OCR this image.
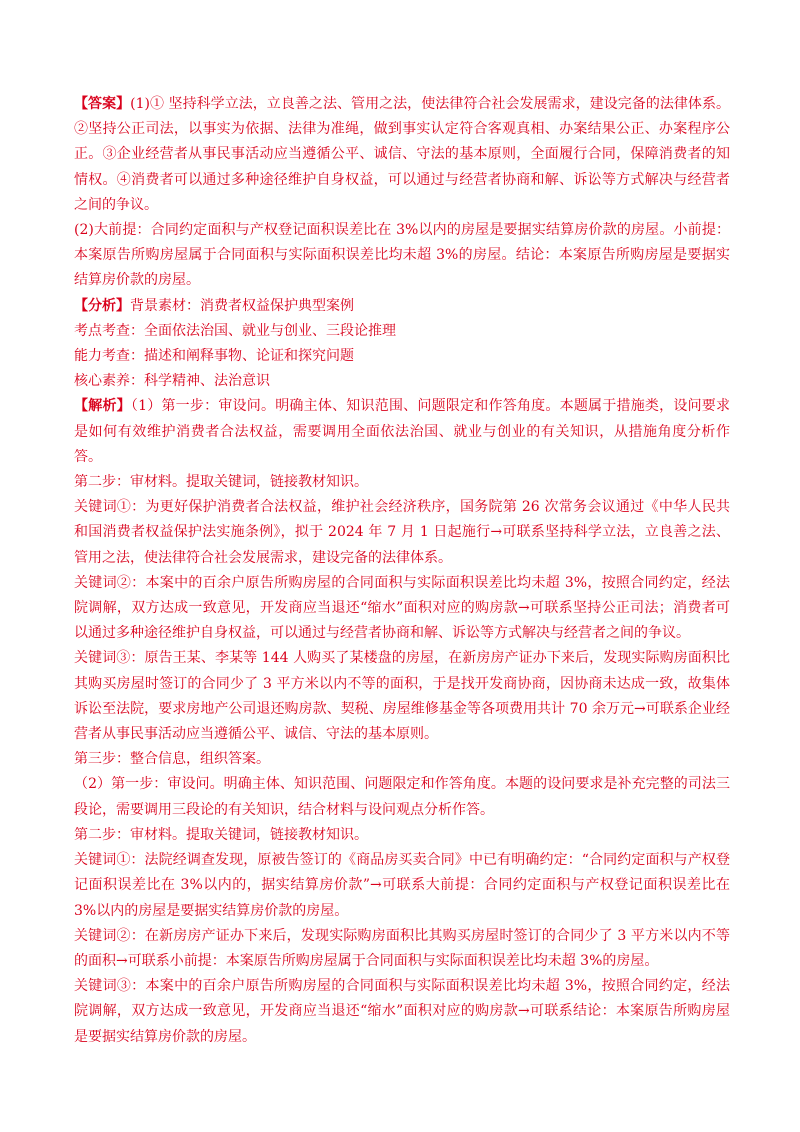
【答案】(1)① 坚持科学立法，立良善之法、管用之法，使法律符合社会发展需求，建设完备的法律体系。②坚持公正司法，以事实为依据、法律为准绳，做到事实认定符合客观真相、办案结果公正、办案程序公正。③企业经营者从事民事活动应当遵循公平、诚信、守法的基本原则，全面履行合同，保障消费者的知情权。④消费者可以通过多种途径维护自身权益，可以通过与经营者协商和解、诉讼等方式解决与经营者之间的争议。

(2)大前提：合同约定面积与产权登记面积误差比在 3%以内的房屋是要据实结算房价款的房屋。小前提：本案原告所购房屋属于合同面积与实际面积误差比均未超 3%的房屋。结论：本案原告所购房屋是要据实结算房价款的房屋。

【分析】背景素材：消费者权益保护典型案例

考点考查：全面依法治国、就业与创业、三段论推理

能力考查：描述和阐释事物、论证和探究问题

核心素养：科学精神、法治意识

【解析】（1）第一步：审设问。明确主体、知识范围、问题限定和作答角度。本题属于措施类，设问要求是如何有效维护消费者合法权益，需要调用全面依法治国、就业与创业的有关知识，从措施角度分析作答。

第二步：审材料。提取关键词，链接教材知识。

关键词①：为更好保护消费者合法权益，维护社会经济秩序，国务院第 26 次常务会议通过《中华人民共和国消费者权益保护法实施条例》，拟于 2024 年 7 月 1 日起施行→可联系坚持科学立法，立良善之法、管用之法，使法律符合社会发展需求，建设完备的法律体系。

关键词②：本案中的百余户原告所购房屋的合同面积与实际面积误差比均未超 3%，按照合同约定，经法院调解，双方达成一致意见，开发商应当退还“缩水”面积对应的购房款→可联系坚持公正司法；消费者可以通过多种途径维护自身权益，可以通过与经营者协商和解、诉讼等方式解决与经营者之间的争议。

关键词③：原告王某、李某等 144 人购买了某楼盘的房屋，在新房房产证办下来后，发现实际购房面积比其购买房屋时签订的合同少了 3 平方米以内不等的面积，于是找开发商协商，因协商未达成一致，故集体诉讼至法院，要求房地产公司退还购房款、契税、房屋维修基金等各项费用共计 70 余万元→可联系企业经营者从事民事活动应当遵循公平、诚信、守法的基本原则。

第三步：整合信息，组织答案。

（2）第一步：审设问。明确主体、知识范围、问题限定和作答角度。本题的设问要求是补充完整的司法三段论，需要调用三段论的有关知识，结合材料与设问观点分析作答。

第二步：审材料。提取关键词，链接教材知识。

关键词①：法院经调查发现，原被告签订的《商品房买卖合同》中已有明确约定：“合同约定面积与产权登记面积误差比在 3%以内的，据实结算房价款”→可联系大前提：合同约定面积与产权登记面积误差比在 3%以内的房屋是要据实结算房价款的房屋。

关键词②：在新房房产证办下来后，发现实际购房面积比其购买房屋时签订的合同少了 3 平方米以内不等的面积→可联系小前提：本案原告所购房屋属于合同面积与实际面积误差比均未超 3%的房屋。

关键词③：本案中的百余户原告所购房屋的合同面积与实际面积误差比均未超 3%，按照合同约定，经法院调解，双方达成一致意见，开发商应当退还“缩水”面积对应的购房款→可联系结论：本案原告所购房屋是要据实结算房价款的房屋。
